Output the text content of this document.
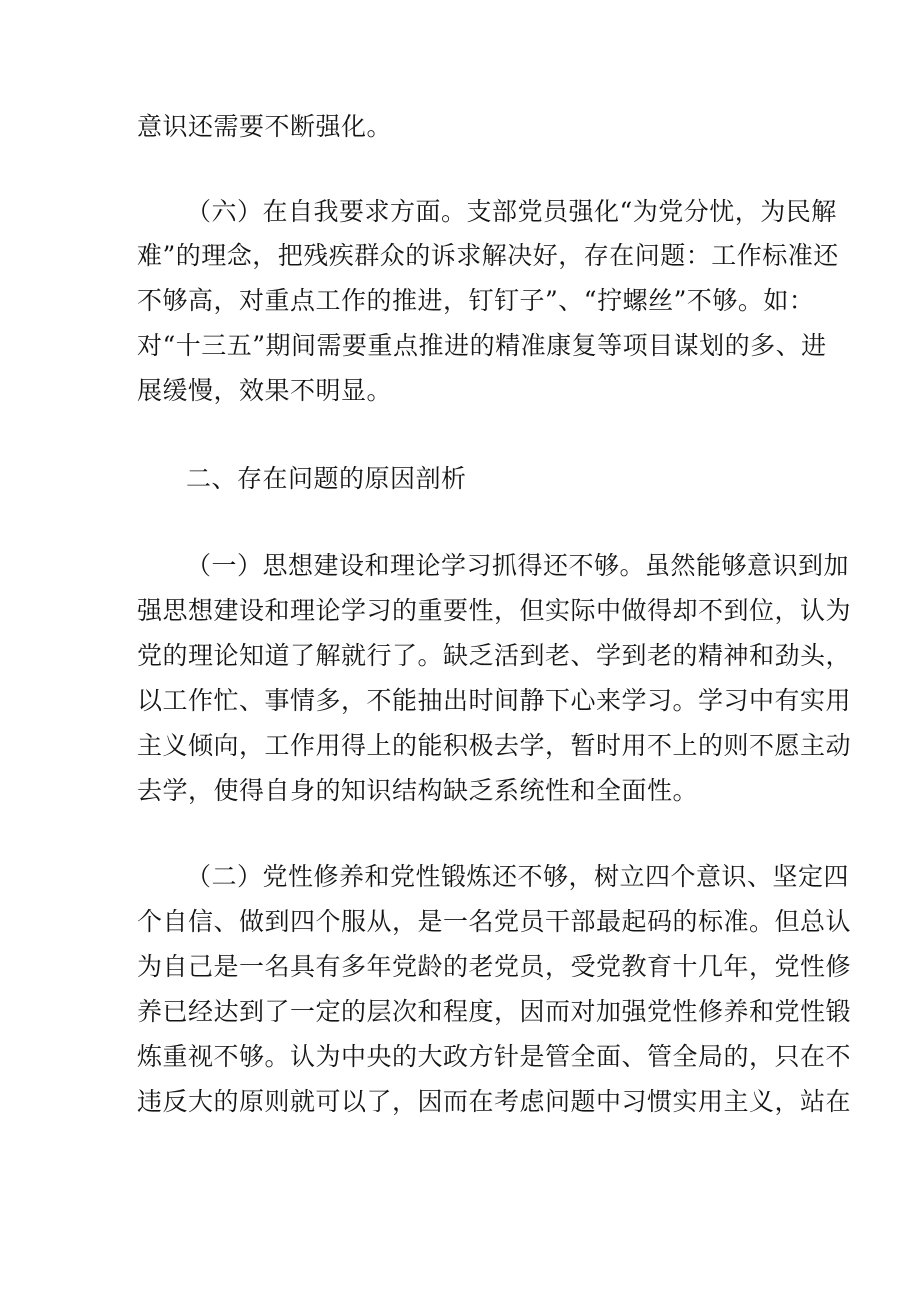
意识还需要不断强化。
（六）在自我要求方面。支部党员强化“为党分忧，为民解
难”的理念，把残疾群众的诉求解决好，存在问题：工作标准还
不够高，对重点工作的推进，钉钉子”、“拧螺丝”不够。如：
对“十三五”期间需要重点推进的精准康复等项目谋划的多、进
展缓慢，效果不明显。
二、存在问题的原因剖析
（一）思想建设和理论学习抓得还不够。虽然能够意识到加
强思想建设和理论学习的重要性，但实际中做得却不到位，认为
党的理论知道了解就行了。缺乏活到老、学到老的精神和劲头，
以工作忙、事情多，不能抽出时间静下心来学习。学习中有实用
主义倾向，工作用得上的能积极去学，暂时用不上的则不愿主动
去学，使得自身的知识结构缺乏系统性和全面性。
（二）党性修养和党性锻炼还不够，树立四个意识、坚定四
个自信、做到四个服从，是一名党员干部最起码的标准。但总认
为自己是一名具有多年党龄的老党员，受党教育十几年，党性修
养已经达到了一定的层次和程度，因而对加强党性修养和党性锻
炼重视不够。认为中央的大政方针是管全面、管全局的，只在不
违反大的原则就可以了，因而在考虑问题中习惯实用主义，站在
